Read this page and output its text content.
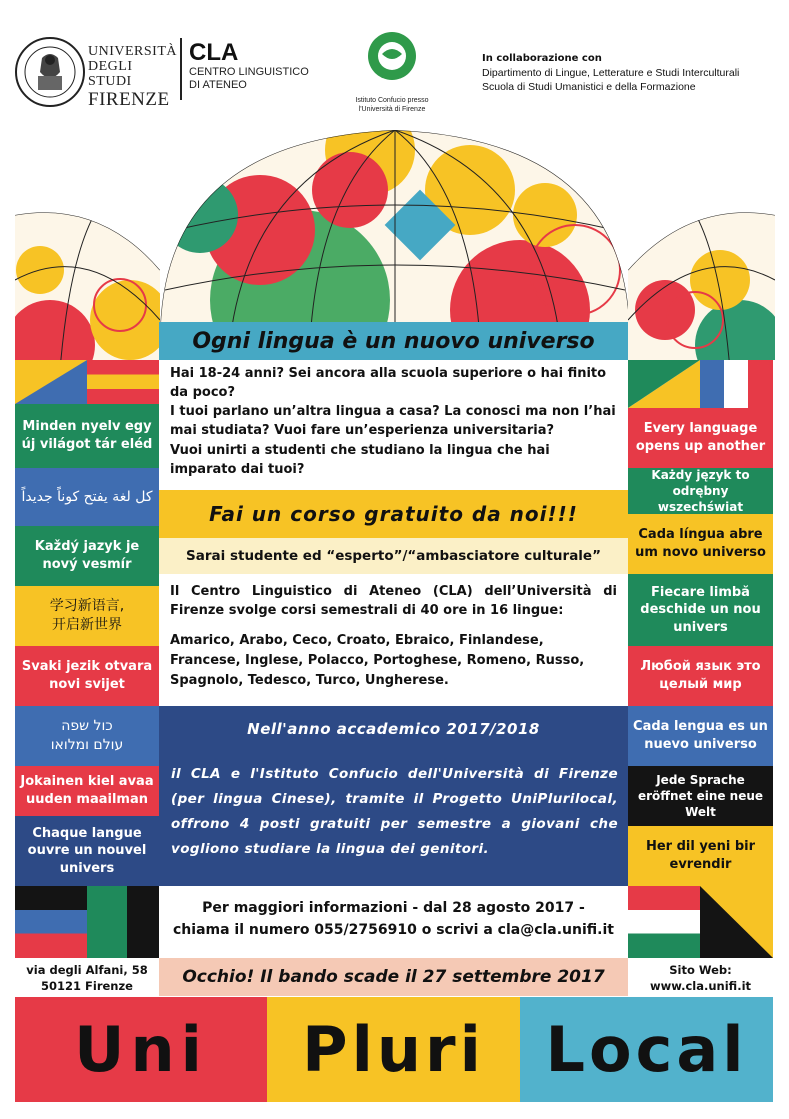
UNIVERSITÀ
DEGLI STUDI
FIRENZE
CLA
CENTRO LINGUISTICO
DI ATENEO
Istituto Confucio presso
l'Università di Firenze
In collaborazione con
Dipartimento di Lingue, Letterature e Studi Interculturali
Scuola di Studi Umanistici e della Formazione
Minden nyelv egy új világot tár eléd
كل لغة يفتح كوناً جديداً
Každý jazyk je nový vesmír
学习新语言,
开启新世界
Svaki jezik otvara novi svijet
כול שפה
עולם ומלואו
Jokainen kiel avaa uuden maailman
Chaque langue ouvre un nouvel univers
Every language opens up another
Każdy język to odrębny wszechświat
Cada língua abre um novo universo
Fiecare limbă deschide un nou univers
Любой язык это целый мир
Cada lengua es un nuevo universo
Jede Sprache eröffnet eine neue Welt
Her dil yeni bir evrendir
Ogni lingua è un nuovo universo
Hai 18-24 anni? Sei ancora alla scuola superiore o hai finito da poco?
I tuoi parlano un’altra lingua a casa? La conosci ma non l’hai mai studiata? Vuoi fare un’esperienza universitaria?
Vuoi unirti a studenti che studiano la lingua che hai imparato dai tuoi?
Fai un corso gratuito da noi!!!
Sarai studente ed “esperto”/“ambasciatore culturale”
Il Centro Linguistico di Ateneo (CLA) dell’Università di Firenze svolge corsi semestrali di 40 ore in 16 lingue:
Amarico, Arabo, Ceco, Croato, Ebraico, Finlandese, Francese, Inglese, Polacco, Portoghese, Romeno, Russo, Spagnolo, Tedesco, Turco, Ungherese.
Nell'anno accademico 2017/2018
il CLA e l'Istituto Confucio dell'Università di Firenze (per lingua Cinese), tramite il Progetto UniPlurilocal, offrono 4 posti gratuiti per semestre a giovani che vogliono studiare la lingua dei genitori.
Per maggiori informazioni - dal 28 agosto 2017 -
chiama il numero 055/2756910 o scrivi a cla@cla.unifi.it
via degli Alfani, 58
50121 Firenze	Occhio! Il bando scade il 27 settembre 2017	Sito Web:
www.cla.unifi.it
Uni Pluri Local
